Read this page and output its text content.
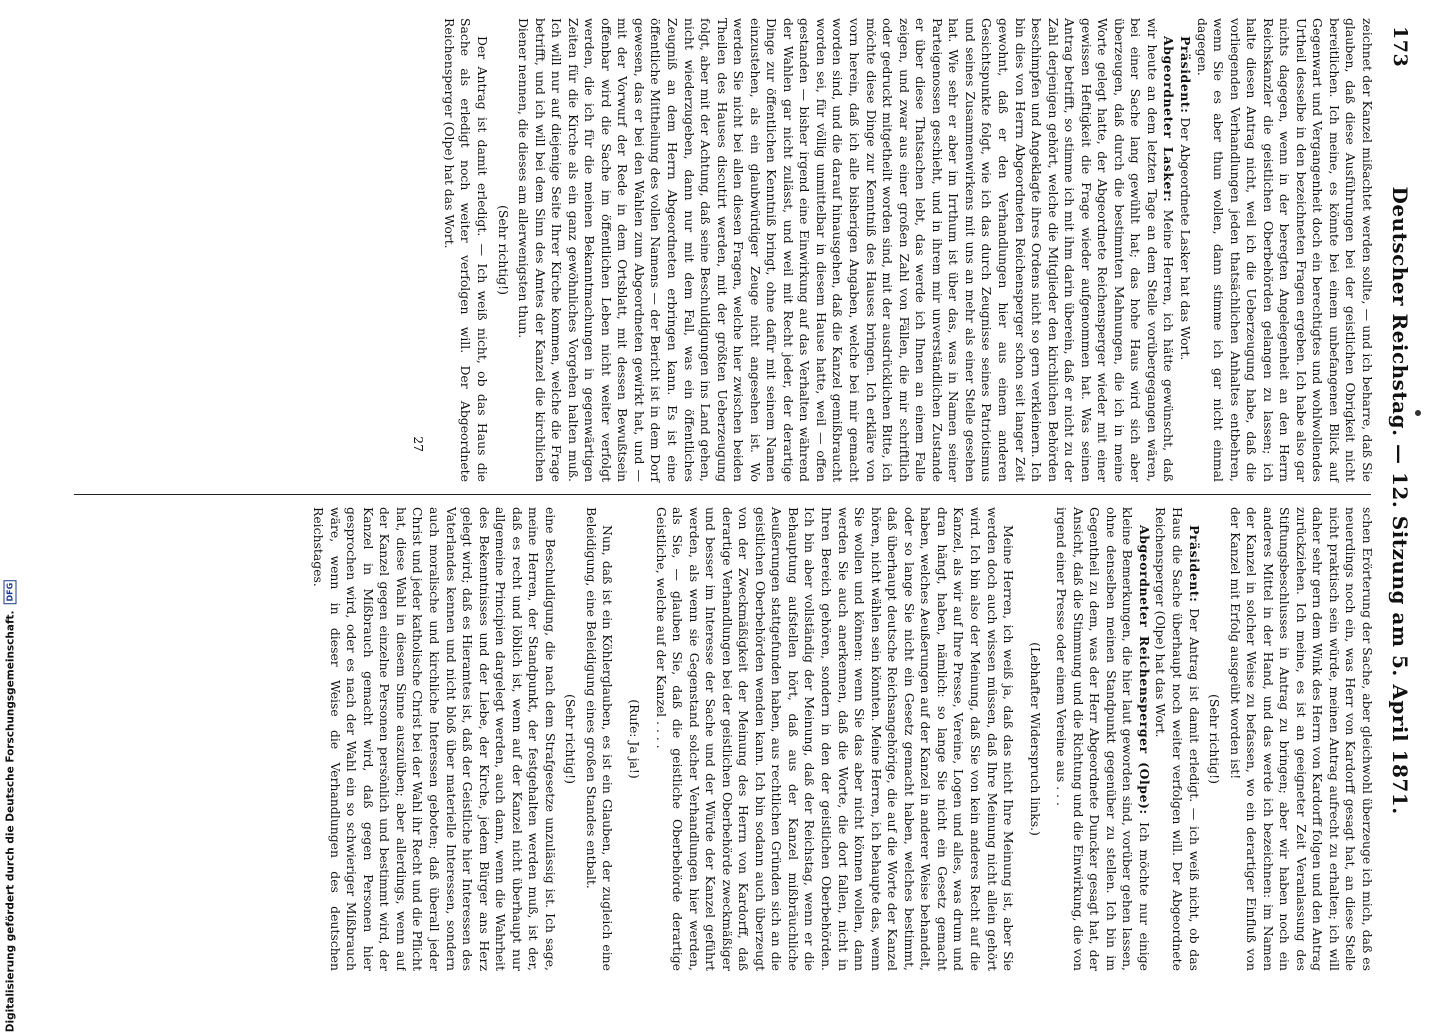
173
Deutscher Reichstag. — 12. Sitzung am 5. April 1871.

zeichnet der Kanzel mißachtet werden sollte, — und ich beharre, daß Sie glauben, daß diese Ausführungen bei der geistlichen Obrigkeit nicht bereitlichen. Ich meine, es könnte bei einem unbefangenen Blick auf Gegenwart und Vergangenheit doch ein berechtigtes und wohlwollendes Urtheil desselbe in den bezeichneten Fragen ergeben. Ich habe also gar nichts dagegen, wenn in der beregten Angelegenheit an den Herrn Reichskanzler die geistlichen Oberbehörden gelangen zu lassen; ich halte diesen Antrag nicht, weil ich die Ueberzeugung habe, daß die vorliegenden Verhandlungen jeden thatsächlichen Anhaltes entbehren, wenn Sie es aber thun wollen, dann stimme ich gar nicht einmal dagegen.

Präsident: Der Abgeordnete Lasker hat das Wort.

Abgeordneter Lasker: Meine Herren, ich hätte gewünscht, daß wir heute an dem letzten Tage an dem Stelle vorübergegangen wären, bei einer Sache lang gewühlt hat; das hohe Haus wird sich aber überzeugen, daß durch die bestimmten Mahnungen, die ich in meine Worte gelegt hatte, der Abgeordnete Reichensperger wieder mit einer gewissen Heftigkeit die Frage wieder aufgenommen hat. Was seinen Antrag betrifft, so stimme ich mit ihm darin überein, daß er nicht zu der Zahl derjenigen gehört, welche die Mitglieder den kirchlichen Behörden beschimpfen und Angeklagte ihres Ordens nicht so gern verkleinern. Ich bin dies von Herrn Abgeordneten Reichensperger schon seit langer Zeit gewohnt, daß er den Verhandlungen hier aus einem anderen Gesichtspunkte folgt, wie ich das durch Zeugnisse seines Patriotismus und seines Zusammenwirkens mit uns an mehr als einer Stelle gesehen hat. Wie sehr er aber im Irrthum ist über das, was in Namen seiner Parteigenossen geschieht, und in ihrem mir unverständlichen Zustande er über diese Thatsachen lebt, das werde ich Ihnen an einem Falle zeigen, und zwar aus einer großen Zahl von Fällen, die mir schriftlich oder gedruckt mitgetheilt worden sind, mit der ausdrücklichen Bitte, ich möchte diese Dinge zur Kenntniß des Hauses bringen. Ich erkläre von vorn herein, daß ich alle bisherigen Angaben, welche bei mir gemacht worden sind, und die darauf hinausgehen, daß die Kanzel gemißbraucht worden sei, für völlig unmittelbar in diesem Hause hatte, weil — offen gestanden — bisher irgend eine Einwirkung auf das Verhalten während der Wahlen gar nicht zulässt, und weil mit Recht jeder, der derartige Dinge zur öffentlichen Kenntniß bringt, ohne dafür mit seinem Namen einzustehen, als ein glaubwürdiger Zeuge nicht angesehen ist. Wo werden Sie nicht bei allen diesen Fragen, welche hier zwischen beiden Theilen des Hauses discutirt werden, mit der größten Ueberzeugung folgt, aber mit der Achtung, daß seine Beschuldigungen ins Land gehen, nicht wiederzugeben, dann nur mit dem Fall, was ein öffentliches Zeugniß an dem Herrn Abgeordneten erbringen kann. Es ist eine öffentliche Mittheilung des vollen Namens — der Bericht ist in dem Dorf gewesen, das er bei den Wahlen zum Abgeordneten gewirkt hat, und — mit der Vorwurf der Rede in dem Ortsblatt, mit dessen Bewußtsein offenbar wird die Sache im öffentlichen Leben nicht weiter verfolgt werden, die ich für die meinen Bekanntmachungen in gegenwärtigen Zeiten für die Kirche als ein ganz gewöhnliches Vorgehen halten muß. Ich will nur auf diejenige Seite Ihrer Kirche kommen, welche die Frage betrifft, und ich will bei dem Sinn des Amtes der Kanzel die kirchlichen Diener nennen, die dieses am allerwenigsten thun.

(Sehr richtig!)

Der Antrag ist damit erledigt. — Ich weiß nicht, ob das Haus die Sache als erledigt noch weiter verfolgen will. Der Abgeordnete Reichensperger (Olpe) hat das Wort.

27

schen Erörterung der Sache, aber gleichwohl überzeuge ich mich, daß es neuerdings noch ein, was Herr von Kardorff gesagt hat, an diese Stelle nicht praktisch sein würde, meinen Antrag aufrecht zu erhalten; ich will daher sehr gern dem Wink des Herrn von Kardorff folgen und den Antrag zurückziehen. Ich meine, es ist an geeigneter Zeit Veranlassung des Stiftungsbeschlusses in Antrag zu bringen; aber wir haben noch ein anderes Mittel in der Hand, und das werde ich bezeichnen: im Namen der Kanzel in solcher Weise zu befassen, wo ein derartiger Einfluß von der Kanzel mit Erfolg ausgeübt worden ist!

(Sehr richtig!)

Präsident: Der Antrag ist damit erledigt. — ich weiß nicht, ob das Haus die Sache überhaupt noch weiter verfolgen will. Der Abgeordnete Reichensperger (Olpe) hat das Wort.

Abgeordneter Reichensperger (Olpe): Ich möchte nur einige kleine Bemerkungen, die hier laut geworden sind, vorüber gehen lassen, ohne denselben meinen Standpunkt gegenüber zu stellen. Ich bin im Gegentheil zu dem, was der Herr Abgeordnete Duncker gesagt hat, der Ansicht, daß die Stimmung und die Richtung und die Einwirkung, die von irgend einer Presse oder einem Vereine aus . . .

(Lebhafter Widerspruch links.)

Meine Herren, ich weiß ja, daß das nicht Ihre Meinung ist, aber Sie werden doch auch wissen müssen, daß Ihre Meinung nicht allein gehört wird. Ich bin also der Meinung, daß Sie von kein anderes Recht auf die Kanzel, als wir auf Ihre Presse, Vereine, Logen und alles, was drum und dran hängt, haben, nämlich: so lange Sie nicht ein Gesetz gemacht haben, welches Aeußerungen auf der Kanzel in anderer Weise behandelt, oder so lange Sie nicht ein Gesetz gemacht haben, welches bestimmt, daß überhaupt deutsche Reichsangehörige, die auf die Worte der Kanzel hören, nicht wählen sein könnten. Meine Herren, ich behaupte das, wenn Sie wollen und können: wenn Sie das aber nicht können wollen, dann werden Sie auch anerkennen, daß die Worte, die dort fallen, nicht in Ihren Bereich gehören, sondern in den der geistlichen Oberbehörden. Ich bin aber vollständig der Meinung, daß der Reichstag, wenn er die Behauptung aufstellen hört, daß aus der Kanzel mißbräuchliche Aeußerungen stattgefunden haben, aus rechtlichen Gründen sich an die geistlichen Oberbehörden wenden kann. Ich bin sodann auch überzeugt von der Zweckmäßigkeit der Meinung des Herrn von Kardorff, daß derartige Verhandlungen bei der geistlichen Oberbehörde zweckmäßiger und besser im Interesse der Sache und der Würde der Kanzel geführt werden, als wenn sie Gegenstand solcher Verhandlungen hier werden, als Sie, — glauben Sie, daß die geistliche Oberbehörde derartige Geistliche, welche auf der Kanzel . . . .

(Rufe: Ja ja!)

Nun, daß ist ein Köhlerglauben, es ist ein Glauben, der zugleich eine Beleidigung, eine Beleidigung eines großen Standes entbalt.

(Sehr richtig!)

eine Beschuldigung, die nach dem Strafgesetze unzulässig ist. Ich sage, meine Herren, der Standpunkt, der festgehalten werden muß, ist der, daß es recht und löblich ist, wenn auf der Kanzel nicht überhaupt nur allgemeine Principien dargelegt werden, auch dann, wenn die Wahrheit des Bekenntnisses und der Liebe, der Kirche, jedem Bürger ans Herz gelegt wird; daß es Hieramtes ist, daß der Geistliche hier Interessen des Vaterlandes kennen und nicht bloß über materielle Interessen, sondern auch moralische und kirchliche Interessen geboten; daß überall jeder Christ und jeder katholische Christ bei der Wahl ihr Recht und die Pflicht hat, diese Wahl in diesem Sinne auszuüben; aber allerdings, wenn auf der Kanzel gegen einzelne Personen persönlich und bestimmt wird, der Kanzel in Mißbrauch gemacht wird, daß gegen Personen hier gesprochen wird, oder es nach der Wahl ein so schwieriger Mißbrauch wäre, wenn in dieser Weise die Verhandlungen des deutschen Reichstages.

Digitalisierung gefördert durch die Deutsche Forschungsgemeinschaft.
DFG
